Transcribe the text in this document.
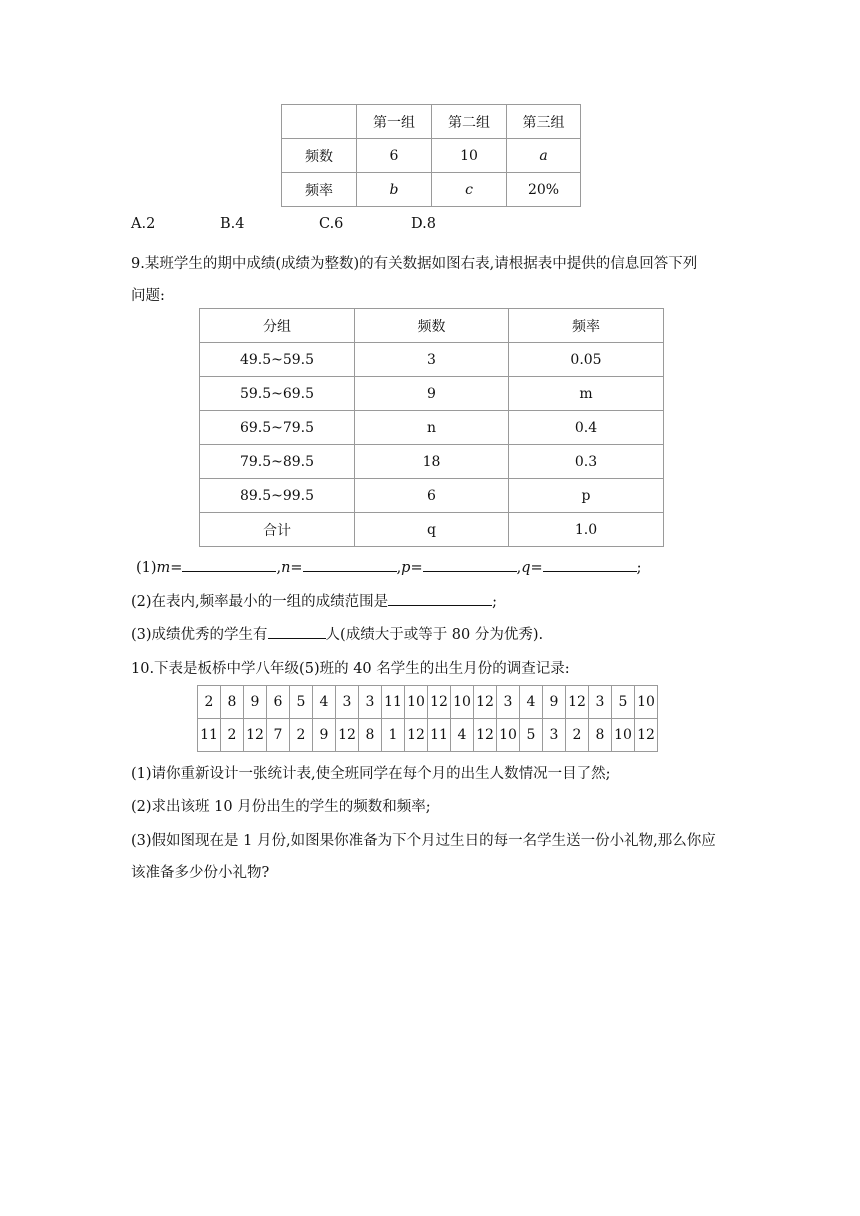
	第一组	第二组	第三组
频数	6	10	a
频率	b	c	20%
A.2	B.4	C.6	D.8
9.某班学生的期中成绩(成绩为整数)的有关数据如图右表,请根据表中提供的信息回答下列
问题:
分组	频数	频率
49.5~59.5	3	0.05
59.5~69.5	9	m
69.5~79.5	n	0.4
79.5~89.5	18	0.3
89.5~99.5	6	p
合计	q	1.0
(1)m=	,n=	,p=	,q=	;
(2)在表内,频率最小的一组的成绩范围是	;
(3)成绩优秀的学生有	人(成绩大于或等于 80 分为优秀).
10.下表是板桥中学八年级(5)班的 40 名学生的出生月份的调查记录:
2	8	9	6	5	4	3	3	11	10	12	10	12	3	4	9	12	3	5	10
11	2	12	7	2	9	12	8	1	12	11	4	12	10	5	3	2	8	10	12
(1)请你重新设计一张统计表,使全班同学在每个月的出生人数情况一目了然;
(2)求出该班 10 月份出生的学生的频数和频率;
(3)假如图现在是 1 月份,如图果你准备为下个月过生日的每一名学生送一份小礼物,那么你应
该准备多少份小礼物?
